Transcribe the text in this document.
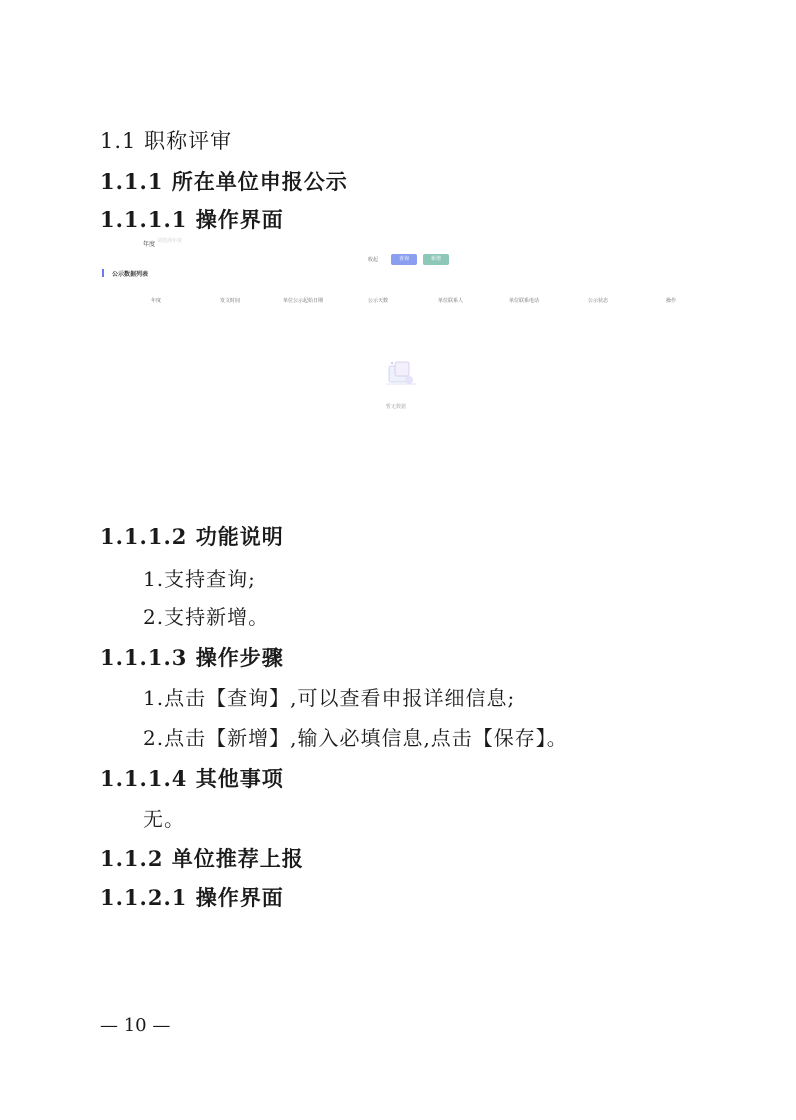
1.1 职称评审
1.1.1 所在单位申报公示
1.1.1.1 操作界面
年度
请选择年度
收起	查询	新增
公示数据列表
年度	发文时间	单位公示起始日期	公示天数	单位联系人	单位联系电话	公示状态	操作
暂无数据
1.1.1.2 功能说明
1.支持查询;
2.支持新增。
1.1.1.3 操作步骤
1.点击【查询】,可以查看申报详细信息;
2.点击【新增】,输入必填信息,点击【保存】。
1.1.1.4 其他事项
无。
1.1.2 单位推荐上报
1.1.2.1 操作界面
— 10 —
